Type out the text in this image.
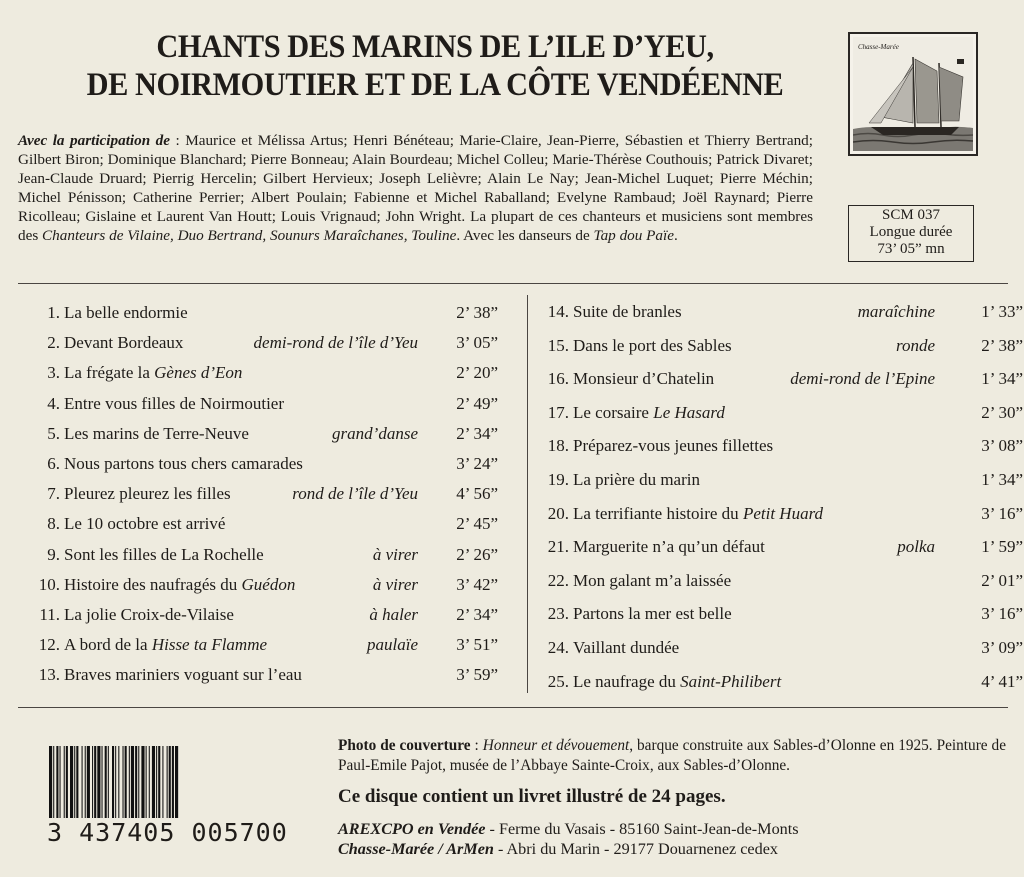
CHANTS DES MARINS DE L’ILE D’YEU,
DE NOIRMOUTIER ET DE LA CÔTE VENDÉENNE
Avec la participation de : Maurice et Mélissa Artus; Henri Bénéteau; Marie-Claire, Jean-Pierre, Sébastien et Thierry Bertrand; Gilbert Biron; Dominique Blanchard; Pierre Bonneau; Alain Bourdeau; Michel Colleu; Marie-Thérèse Couthouis; Patrick Divaret; Jean-Claude Druard; Pierrig Hercelin; Gilbert Hervieux; Joseph Lelièvre; Alain Le Nay; Jean-Michel Luquet; Pierre Méchin; Michel Pénisson; Catherine Perrier; Albert Poulain; Fabienne et Michel Raballand; Evelyne Rambaud; Joël Raynard; Pierre Ricolleau; Gislaine et Laurent Van Houtt; Louis Vrignaud; John Wright. La plupart de ces chanteurs et musiciens sont membres des Chanteurs de Vilaine, Duo Bertrand, Sounurs Maraîchanes, Touline. Avec les danseurs de Tap dou Païe.
Chasse-Marée
SCM 037
Longue durée
73’ 05” mn
1. La belle endormie	2’ 38”
2. Devant Bordeaux	demi-rond de l’île d’Yeu	3’ 05”
3. La frégate la Gènes d’Eon	2’ 20”
4. Entre vous filles de Noirmoutier	2’ 49”
5. Les marins de Terre-Neuve	grand’danse	2’ 34”
6. Nous partons tous chers camarades	3’ 24”
7. Pleurez pleurez les filles	rond de l’île d’Yeu	4’ 56”
8. Le 10 octobre est arrivé	2’ 45”
9. Sont les filles de La Rochelle	à virer	2’ 26”
10. Histoire des naufragés du Guédon	à virer	3’ 42”
11. La jolie Croix-de-Vilaise	à haler	2’ 34”
12. A bord de la Hisse ta Flamme	paulaïe	3’ 51”
13. Braves mariniers voguant sur l’eau	3’ 59”
14. Suite de branles	maraîchine	1’ 33”
15. Dans le port des Sables	ronde	2’ 38”
16. Monsieur d’Chatelin	demi-rond de l’Epine	1’ 34”
17. Le corsaire Le Hasard	2’ 30”
18. Préparez-vous jeunes fillettes	3’ 08”
19. La prière du marin	1’ 34”
20. La terrifiante histoire du Petit Huard	3’ 16”
21. Marguerite n’a qu’un défaut	polka	1’ 59”
22. Mon galant m’a laissée	2’ 01”
23. Partons la mer est belle	3’ 16”
24. Vaillant dundée	3’ 09”
25. Le naufrage du Saint-Philibert	4’ 41”
3 437405 005700
Photo de couverture : Honneur et dévouement, barque construite aux Sables-d’Olonne en 1925. Peinture de Paul-Emile Pajot, musée de l’Abbaye Sainte-Croix, aux Sables-d’Olonne.
Ce disque contient un livret illustré de 24 pages.
AREXCPO en Vendée - Ferme du Vasais - 85160 Saint-Jean-de-Monts
Chasse-Marée / ArMen - Abri du Marin - 29177 Douarnenez cedex
